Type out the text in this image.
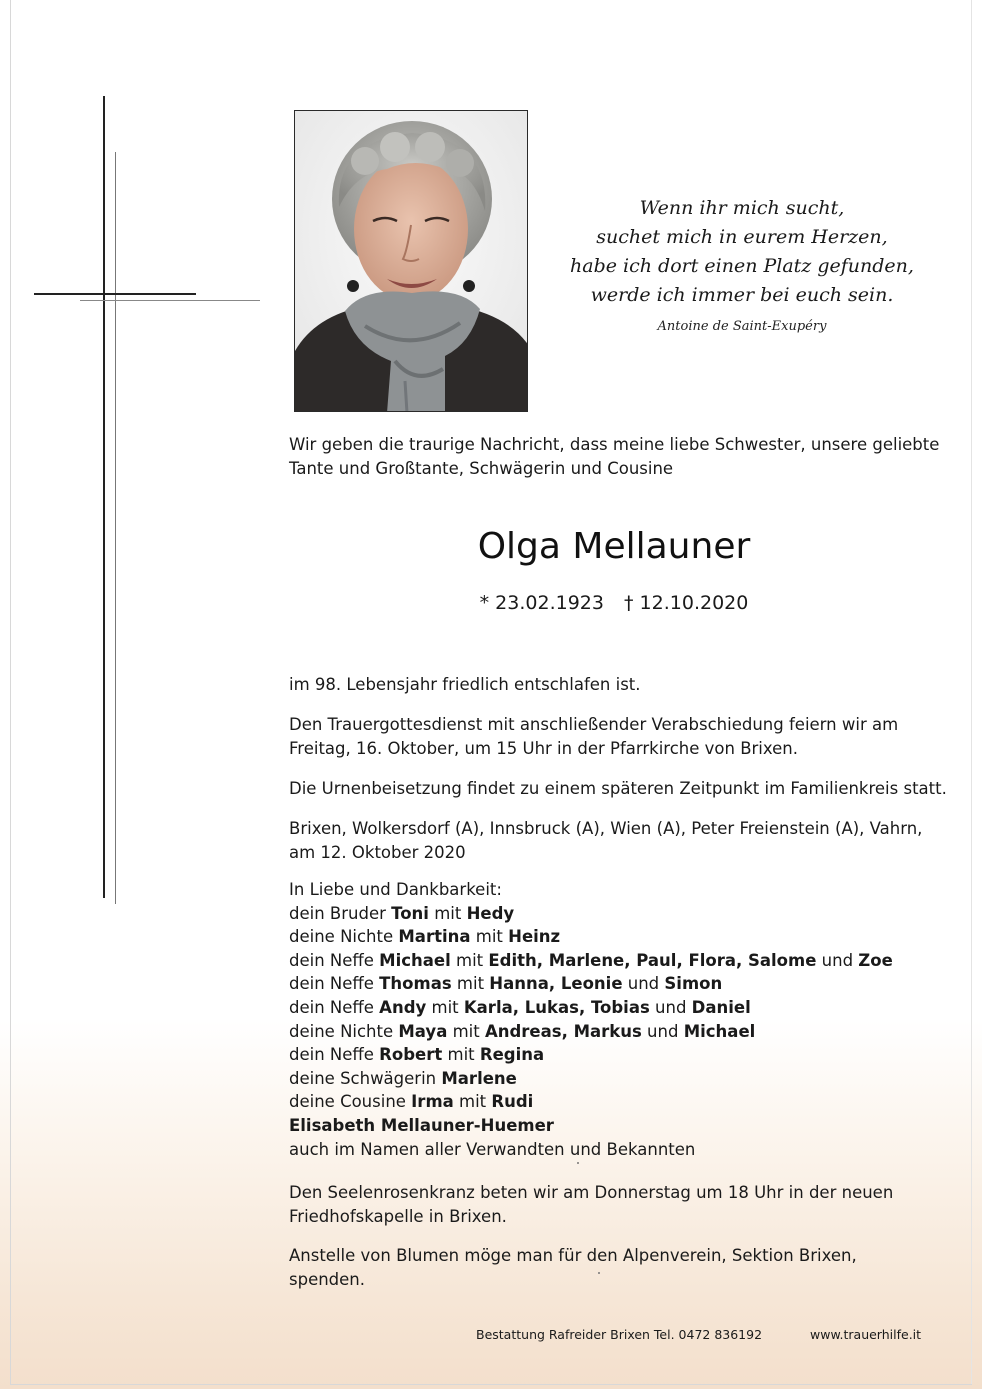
Wenn ihr mich sucht,
suchet mich in eurem Herzen,
habe ich dort einen Platz gefunden,
werde ich immer bei euch sein.
Antoine de Saint-Exupéry
Wir geben die traurige Nachricht, dass meine liebe Schwester, unsere geliebte
Tante und Großtante, Schwägerin und Cousine
Olga Mellauner
* 23.02.1923 † 12.10.2020
im 98. Lebensjahr friedlich entschlafen ist.
Den Trauergottesdienst mit anschließender Verabschiedung feiern wir am
Freitag, 16. Oktober, um 15 Uhr in der Pfarrkirche von Brixen.
Die Urnenbeisetzung findet zu einem späteren Zeitpunkt im Familienkreis statt.
Brixen, Wolkersdorf (A), Innsbruck (A), Wien (A), Peter Freienstein (A), Vahrn,
am 12. Oktober 2020
In Liebe und Dankbarkeit:
dein Bruder Toni mit Hedy
deine Nichte Martina mit Heinz
dein Neffe Michael mit Edith, Marlene, Paul, Flora, Salome und Zoe
dein Neffe Thomas mit Hanna, Leonie und Simon
dein Neffe Andy mit Karla, Lukas, Tobias und Daniel
deine Nichte Maya mit Andreas, Markus und Michael
dein Neffe Robert mit Regina
deine Schwägerin Marlene
deine Cousine Irma mit Rudi
Elisabeth Mellauner-Huemer
auch im Namen aller Verwandten und Bekannten
Den Seelenrosenkranz beten wir am Donnerstag um 18 Uhr in der neuen
Friedhofskapelle in Brixen.
Anstelle von Blumen möge man für den Alpenverein, Sektion Brixen,
spenden.
Bestattung Rafreider Brixen Tel. 0472 836192	www.trauerhilfe.it
